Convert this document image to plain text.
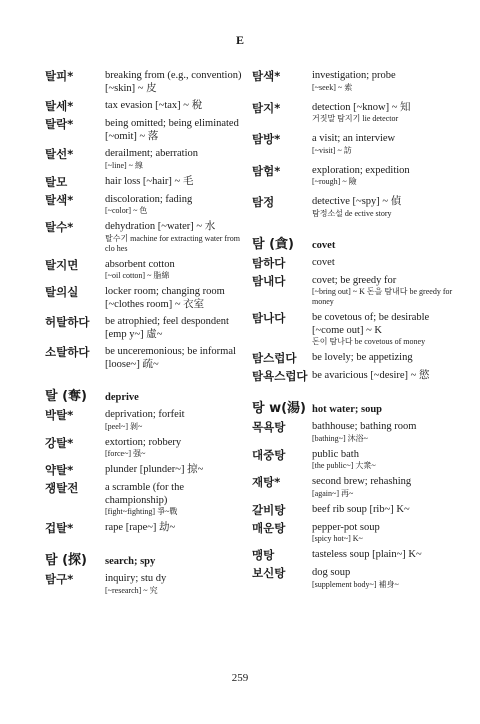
E
탈피*	breaking from (e.g., convention) [~skin] ~ 皮
탈세*	tax evasion [~tax] ~ 稅
탈락*	being omitted; being eliminated [~omit] ~ 落
탈선*	derailment; aberration
[~line] ~ 線
탈모	hair loss [~hair] ~ 毛
탈색*	discoloration; fading
[~color] ~ 色
탈수*	dehydration [~water] ~ 水
탈수기 machine for extracting water from clo hes
탈지면	absorbent cotton
[~oil cotton] ~ 脂綿
탈의실	locker room; changing room [~clothes room] ~ 衣室
허탈하다	be atrophied; feel despondent [emp y~] 虛~
소탈하다	be unceremonious; be informal [loose~] 疏~
탈 (奪)	deprive
박탈*	deprivation; forfeit
[peel~] 剝~
강탈*	extortion; robbery
[force~] 强~
약탈*	plunder [plunder~] 掠~
쟁탈전	a scramble (for the championship)
[fight~fighting] 爭~戰
겁탈*	rape [rape~] 劫~
탐 (探)	search; spy
탐구*	inquiry; stu dy
[~research] ~ 究
탐색*	investigation; probe
[~seek] ~ 索
탐지*	detection [~know] ~ 知
거짓말 탐지기 lie detector
탐방*	a visit; an interview
[~visit] ~ 訪
탐험*	exploration; expedition
[~rough] ~ 險
탐정	detective [~spy] ~ 偵
탐정소설 de ective story
탐 (貪)	covet
탐하다	covet
탐내다	covet; be greedy for
[~bring out] ~ K 돈을 탐내다 be greedy for money
탐나다	be covetous of; be desirable [~come out] ~ K
돈이 탐나다 be covetous of money
탐스럽다	be lovely; be appetizing
탐욕스럽다 be avaricious [~desire] ~ 慾
탕 w(湯) hot water; soup
목욕탕	bathhouse; bathing room
[bathing~] 沐浴~
대중탕	public bath
[the public~] 大衆~
재탕*	second brew; rehashing
[again~] 再~
갈비탕	beef rib soup [rib~] K~
매운탕	pepper-pot soup
[spicy hot~] K~
맹탕	tasteless soup [plain~] K~
보신탕	dog soup
[supplement body~] 補身~
259
